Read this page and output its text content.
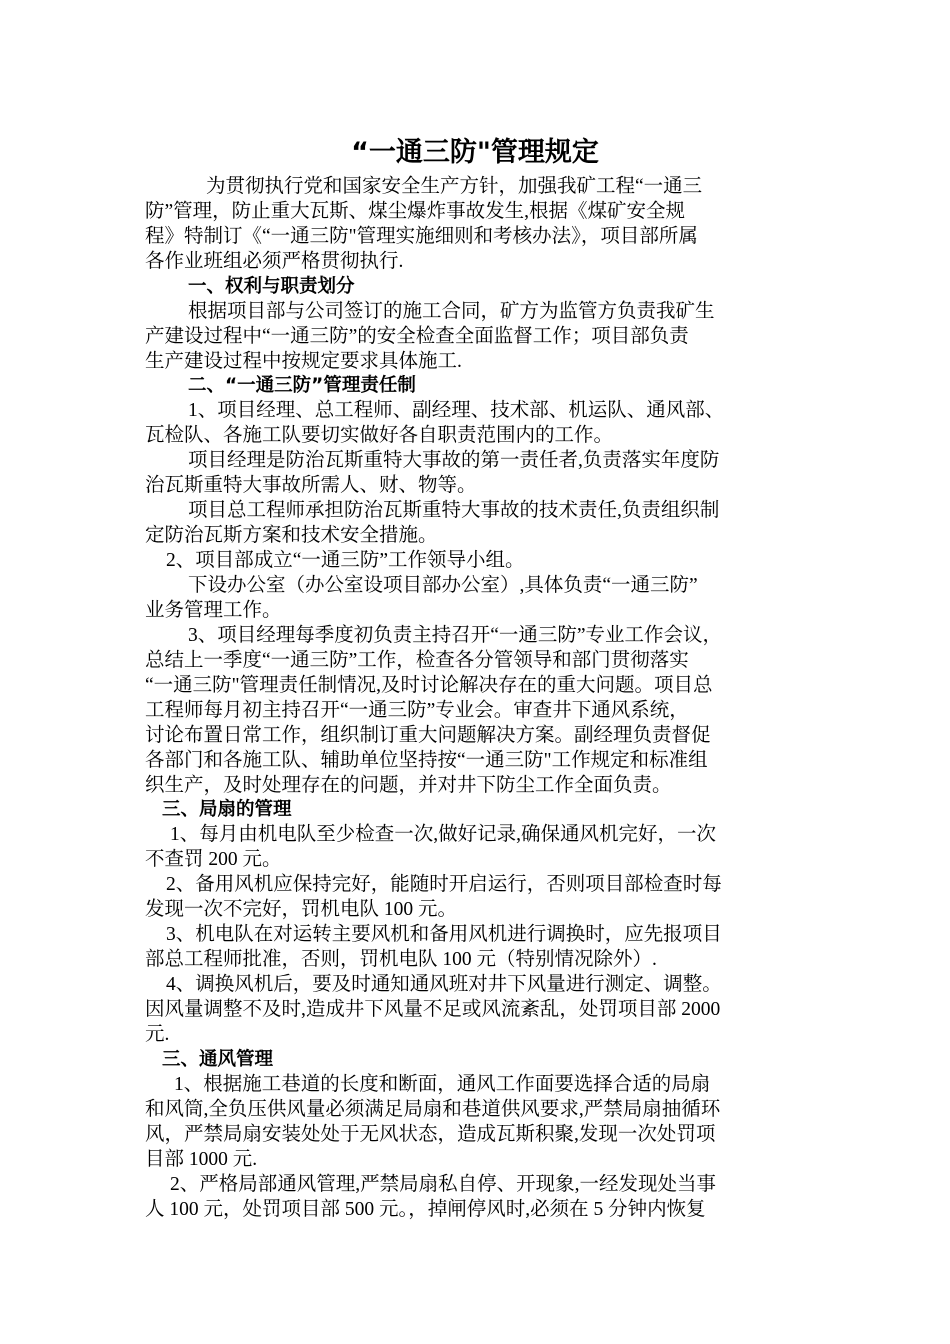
“一通三防"管理规定
为贯彻执行党和国家安全生产方针，加强我矿工程“一通三
防”管理，防止重大瓦斯、煤尘爆炸事故发生,根据《煤矿安全规
程》特制订《“一通三防"管理实施细则和考核办法》，项目部所属
各作业班组必须严格贯彻执行.
一、权利与职责划分
根据项目部与公司签订的施工合同，矿方为监管方负责我矿生
产建设过程中“一通三防”的安全检查全面监督工作；项目部负责
生产建设过程中按规定要求具体施工.
二、“一通三防”管理责任制
1、项目经理、总工程师、副经理、技术部、机运队、通风部、
瓦检队、各施工队要切实做好各自职责范围内的工作。
项目经理是防治瓦斯重特大事故的第一责任者,负责落实年度防
治瓦斯重特大事故所需人、财、物等。
项目总工程师承担防治瓦斯重特大事故的技术责任,负责组织制
定防治瓦斯方案和技术安全措施。
2、项目部成立“一通三防”工作领导小组。
下设办公室（办公室设项目部办公室）,具体负责“一通三防”
业务管理工作。
3、项目经理每季度初负责主持召开“一通三防”专业工作会议，
总结上一季度“一通三防”工作，检查各分管领导和部门贯彻落实
“一通三防"管理责任制情况,及时讨论解决存在的重大问题。项目总
工程师每月初主持召开“一通三防”专业会。审查井下通风系统，
讨论布置日常工作，组织制订重大问题解决方案。副经理负责督促
各部门和各施工队、辅助单位坚持按“一通三防"工作规定和标准组
织生产，及时处理存在的问题，并对井下防尘工作全面负责。
三、局扇的管理
1、每月由机电队至少检查一次,做好记录,确保通风机完好，一次
不查罚 200 元。
2、备用风机应保持完好，能随时开启运行，否则项目部检查时每
发现一次不完好，罚机电队 100 元。
3、机电队在对运转主要风机和备用风机进行调换时，应先报项目
部总工程师批准，否则，罚机电队 100 元（特别情况除外）.
4、调换风机后，要及时通知通风班对井下风量进行测定、调整。
因风量调整不及时,造成井下风量不足或风流紊乱，处罚项目部 2000
元.
三、通风管理
1、根据施工巷道的长度和断面，通风工作面要选择合适的局扇
和风筒,全负压供风量必须满足局扇和巷道供风要求,严禁局扇抽循环
风，严禁局扇安装处处于无风状态，造成瓦斯积聚,发现一次处罚项
目部 1000 元.
2、严格局部通风管理,严禁局扇私自停、开现象,一经发现处当事
人 100 元，处罚项目部 500 元。，掉闸停风时,必须在 5 分钟内恢复
